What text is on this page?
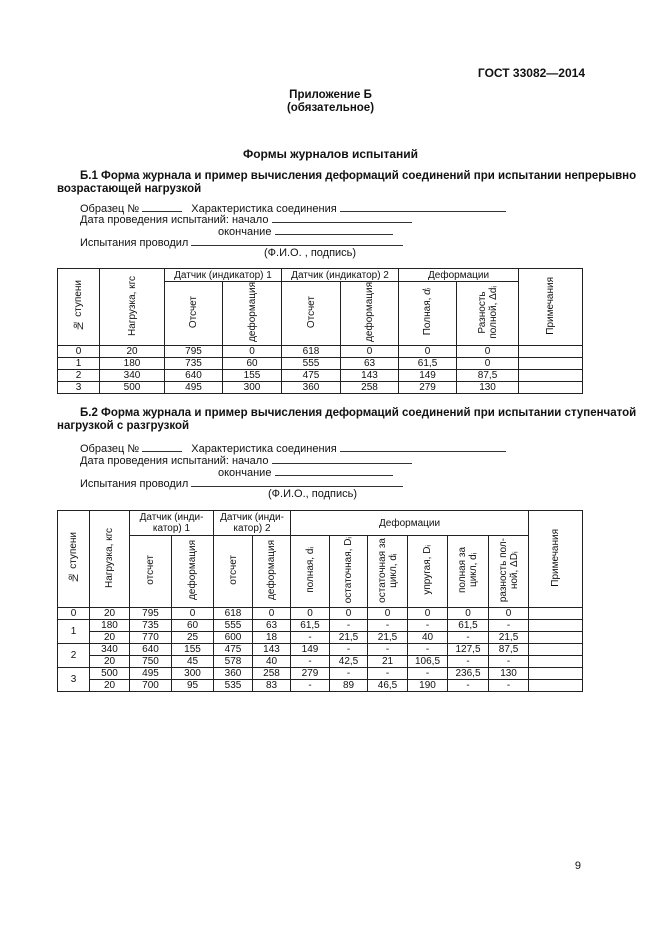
ГОСТ 33082—2014
Приложение Б
(обязательное)
Формы журналов испытаний
Б.1 Форма журнала и пример вычисления деформаций соединений при испытании непрерывно
возрастающей нагрузкой
Образец №	Характеристика соединения
Дата проведения испытаний: начало
окончание
Испытания проводил
(Ф.И.О. , подпись)
№ ступени	Нагрузка, кгс	Датчик (индикатор) 1		Датчик (индикатор) 2		Деформации		Примечания
		Отсчет	деформация	Отсчет	деформация	Полная, dᵢ	Разность
полной, Δdᵢ	
0	20	795	0	618	0	0	0	
1	180	735	60	555	63	61,5	0	
2	340	640	155	475	143	149	87,5	
3	500	495	300	360	258	279	130	
Б.2 Форма журнала и пример вычисления деформаций соединений при испытании ступенчатой
нагрузкой с разгрузкой
Образец №	Характеристика соединения
Дата проведения испытаний: начало
окончание
Испытания проводил
(Ф.И.О., подпись)
№ ступени	Нагрузка, кгс	Датчик (инди-катор) 1		Датчик (инди-катор) 2		Деформации						Примечания
		отсчет	деформация	отсчет	деформация	полная, dᵢ	остаточная, Dᵢ	остаточная за
цикл, dᵢ	упругая, Dᵢ	полная за
цикл, dᵢ	разность пол-
ной, ΔDᵢ	
0	20	795	0	618	0	0	0	0	0	0	0	
1	180	735	60	555	63	61,5	-	-	-	61,5	-	
	20	770	25	600	18	-	21,5	21,5	40	-	21,5	
2	340	640	155	475	143	149	-	-	-	127,5	87,5	
	20	750	45	578	40	-	42,5	21	106,5	-	-	
3	500	495	300	360	258	279	-	-	-	236,5	130	
	20	700	95	535	83	-	89	46,5	190	-	-	
9
